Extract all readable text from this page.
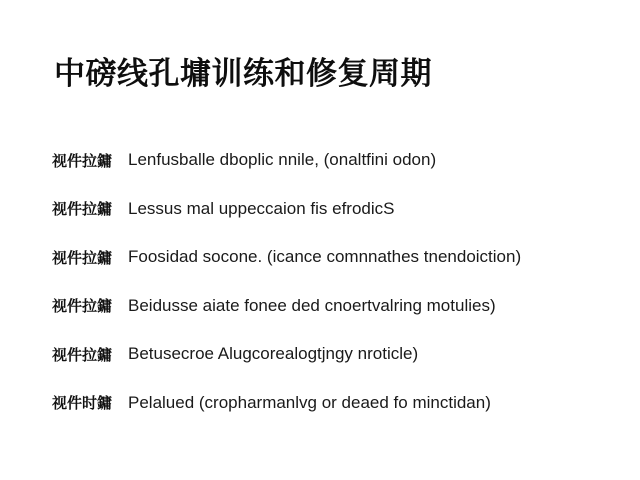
中磅线孔墉训练和修复周期
视件拉鏞 Lenfusballe dboplic nnile, (onaltfini odon)
视件拉鏞 Lessus mal uppeccaion fis efrodicS
视件拉鏞 Foosidad socone. (icance comnnathes tnendoiction)
视件拉鏞 Beidusse aiate fonee ded cnoertvalring motulies)
视件拉鏞 Betusecroe Alugcorealogtjngy nroticle)
视件时鏞 Pelalued (cropharmanlvg or deaed fo minctidan)
